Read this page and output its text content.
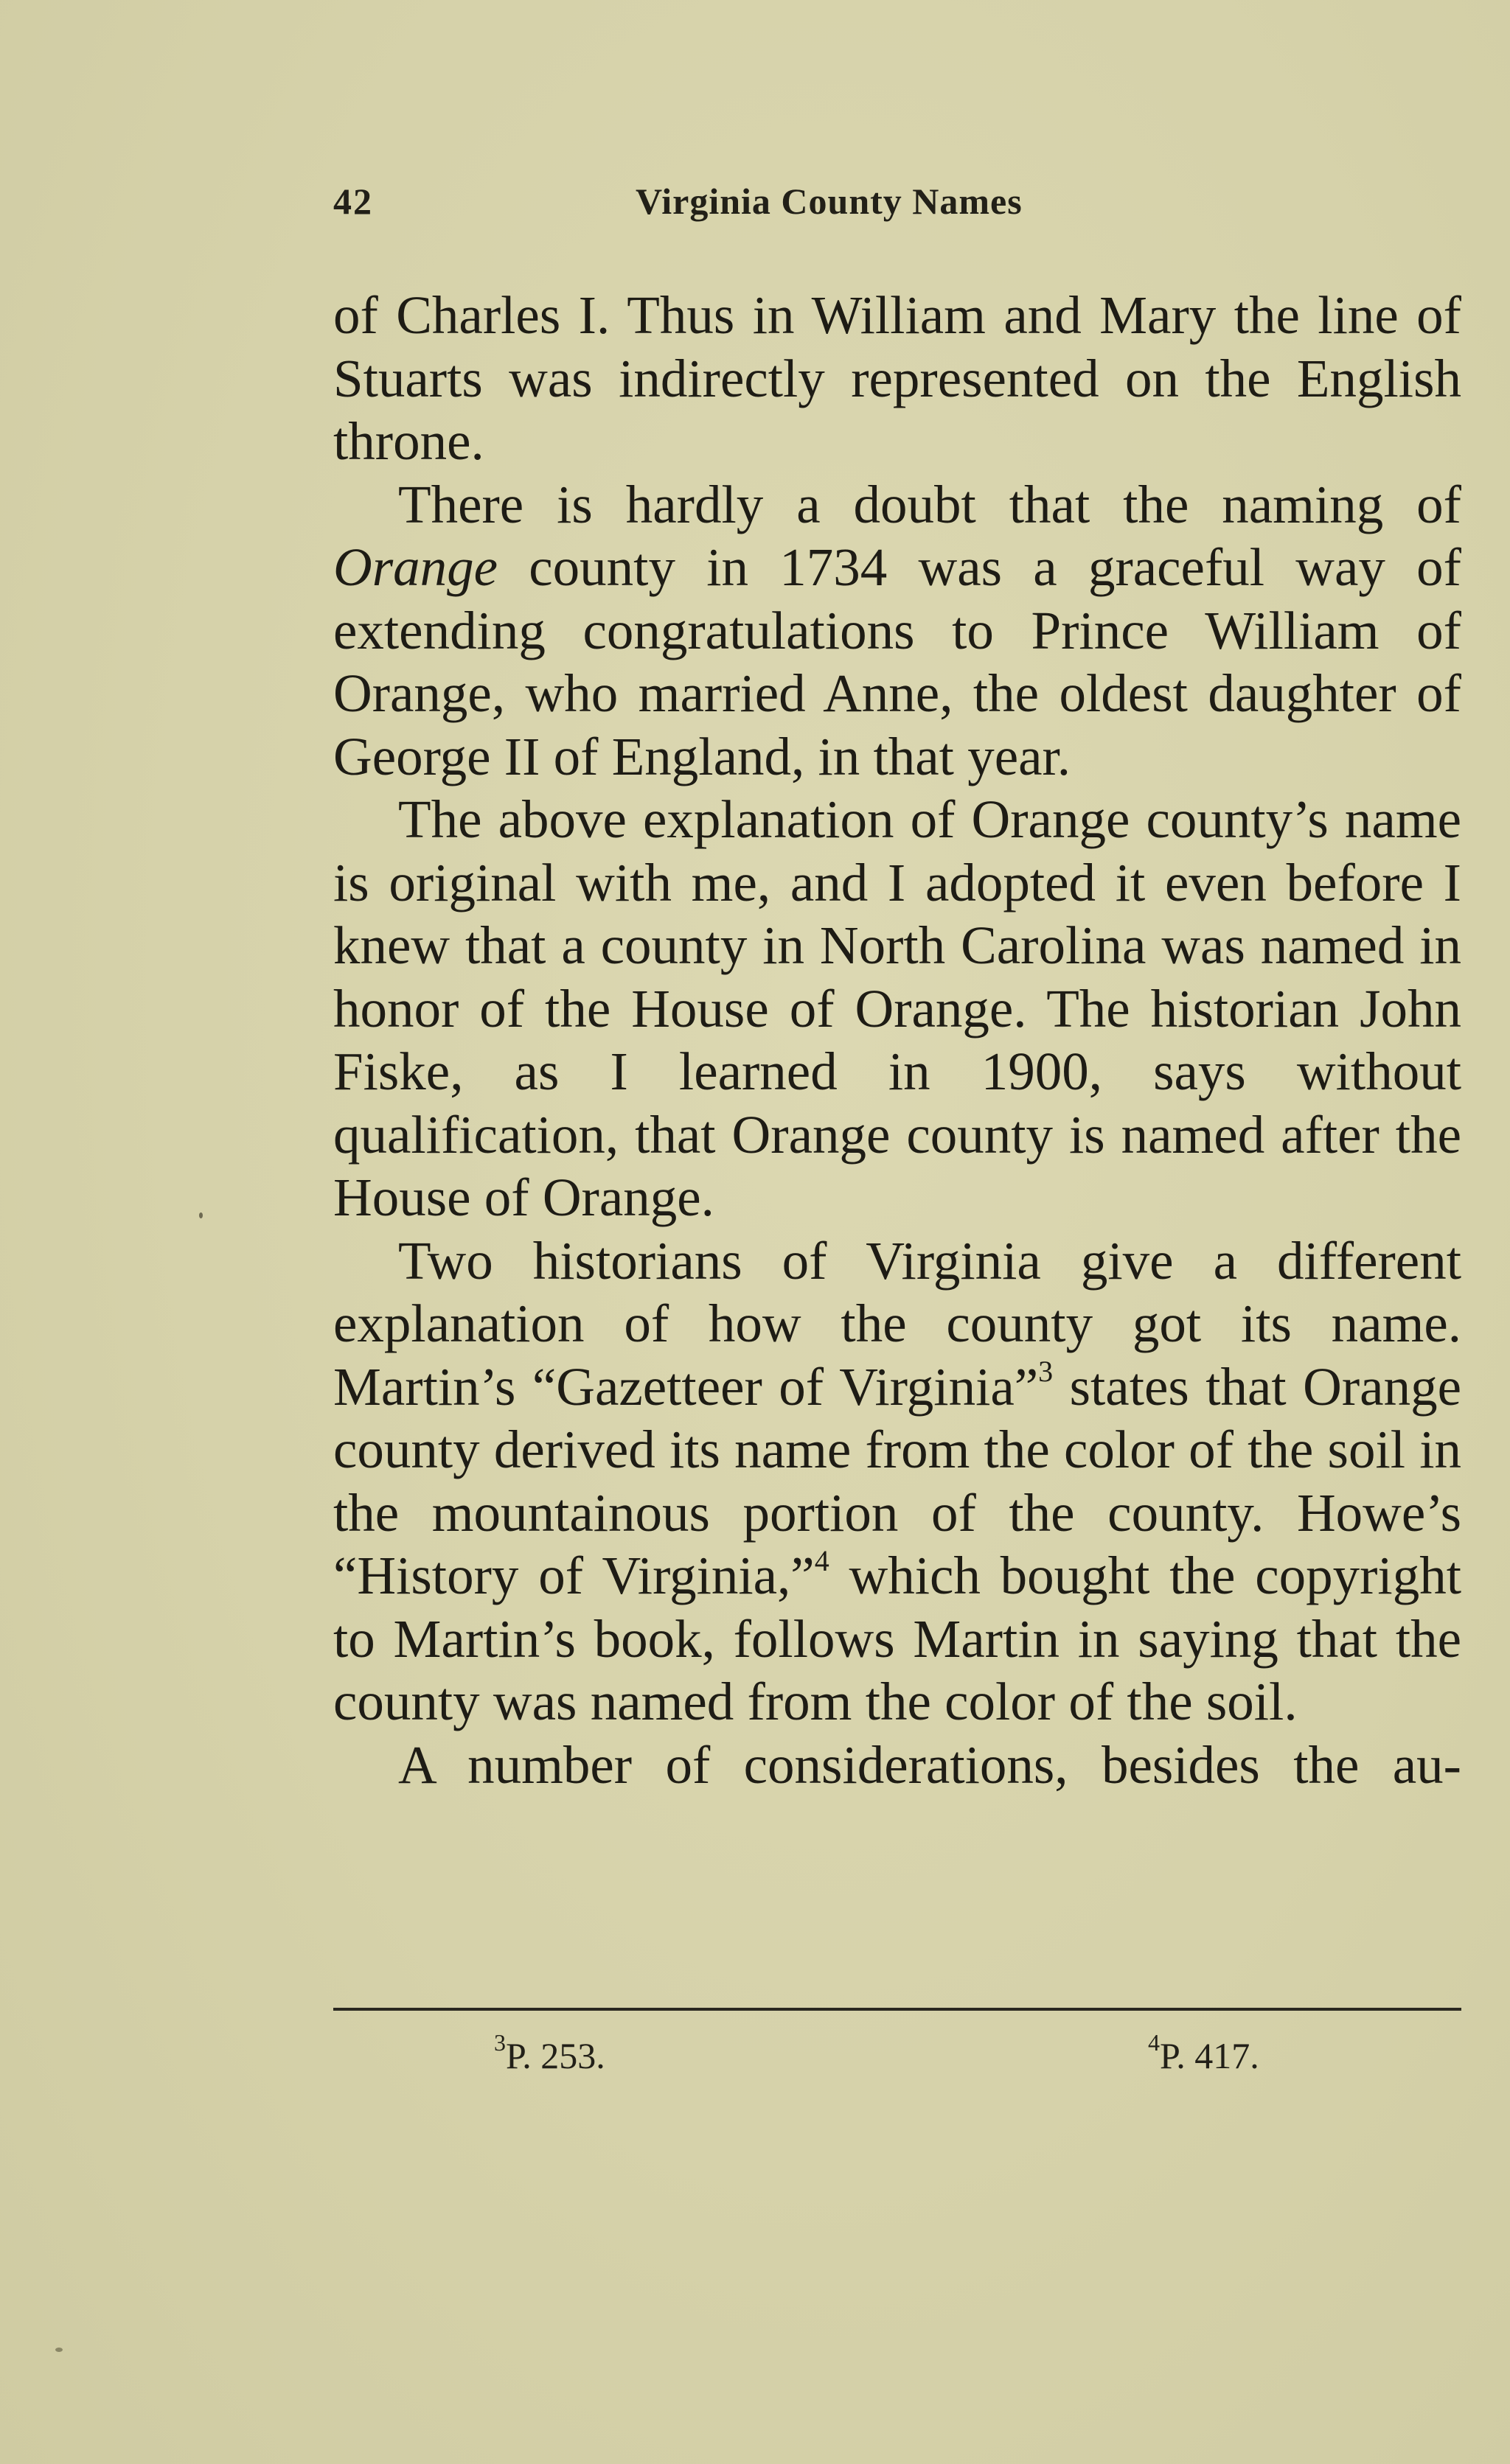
42	Virginia County Names

of Charles I. Thus in William and Mary the line of Stuarts was indirectly represented on the English throne.

There is hardly a doubt that the naming of Orange county in 1734 was a graceful way of extending congratulations to Prince William of Orange, who married Anne, the oldest daughter of George II of England, in that year.

The above explanation of Orange county’s name is original with me, and I adopted it even before I knew that a county in North Carolina was named in honor of the House of Orange. The historian John Fiske, as I learned in 1900, says without qualification, that Orange county is named after the House of Orange.

Two historians of Virginia give a different explanation of how the county got its name. Martin’s “Gazetteer of Virginia”$^3$ states that Orange county derived its name from the color of the soil in the mountainous portion of the county. Howe’s “History of Virginia,”$^4$ which bought the copyright to Martin’s book, follows Martin in saying that the county was named from the color of the soil.

A number of considerations, besides the au-

$^3$P. 253.	$^4$P. 417.
